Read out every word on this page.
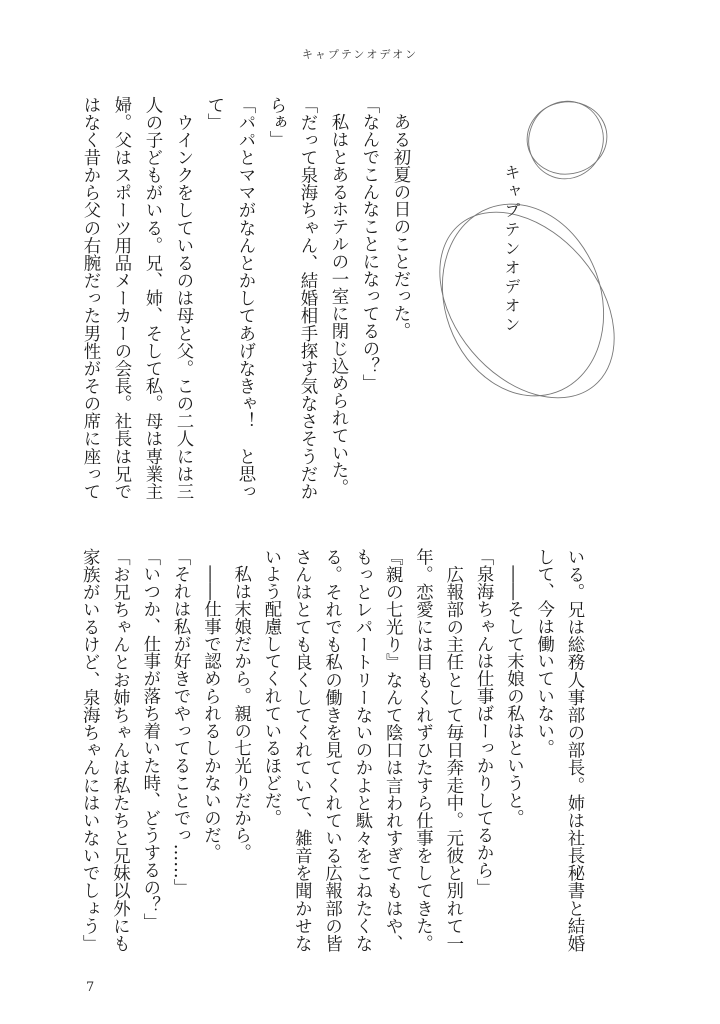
キャプテンオデオン
キャプテンオデオン
　ある初夏の日のことだった。
「なんでこんなことになってるの？」
　私はとあるホテルの一室に閉じ込められていた。
「だって泉海ちゃん、結婚相手探す気なさそうだか
らぁ」
「パパとママがなんとかしてあげなきゃ！　と思っ
て」
　ウインクをしているのは母と父。この二人には三
人の子どもがいる。兄、姉、そして私。母は専業主
婦。父はスポーツ用品メーカーの会長。社長は兄で
はなく昔から父の右腕だった男性がその席に座って
いる。兄は総務人事部の部長。姉は社長秘書と結婚
して、今は働いていない。
　――そして末娘の私はというと。
「泉海ちゃんは仕事ばーっかりしてるから」
　広報部の主任として毎日奔走中。元彼と別れて一
年。恋愛には目もくれずひたすら仕事をしてきた。
『親の七光り』なんて陰口は言われすぎてもはや、
もっとレパートリーないのかよと駄々をこねたくな
る。それでも私の働きを見てくれている広報部の皆
さんはとても良くしてくれていて、雑音を聞かせな
いよう配慮してくれているほどだ。
　私は末娘だから。親の七光りだから。
　――仕事で認められるしかないのだ。
「それは私が好きでやってることでっ……」
「いつか、仕事が落ち着いた時、どうするの？」
「お兄ちゃんとお姉ちゃんは私たちと兄妹以外にも
家族がいるけど、泉海ちゃんにはいないでしょう」
7
